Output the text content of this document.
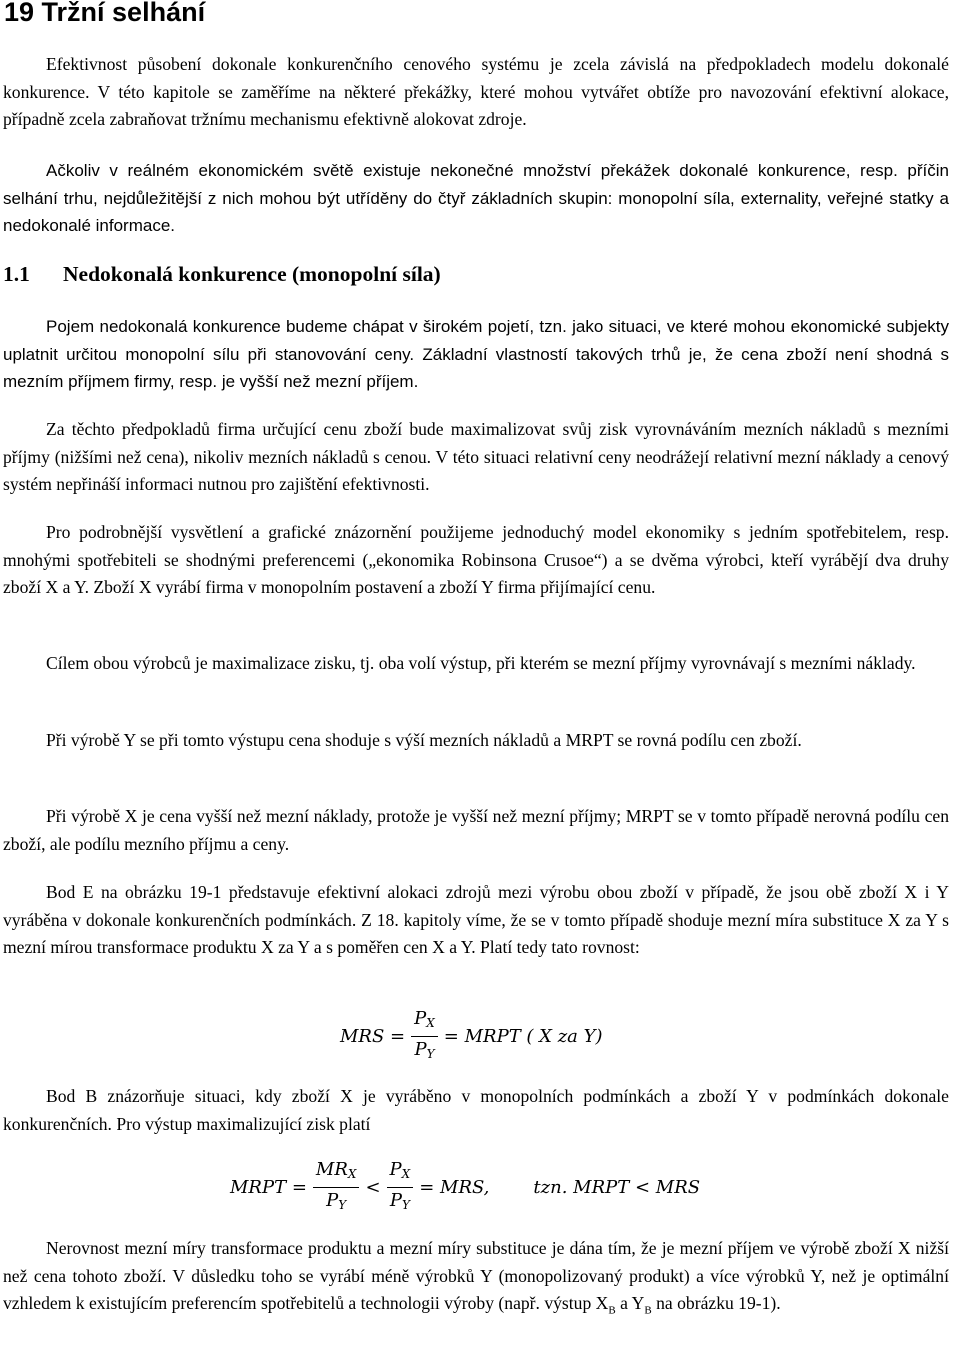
19 Tržní selhání

Efektivnost působení dokonale konkurenčního cenového systému je zcela závislá na předpokladech modelu dokonalé konkurence. V této kapitole se zaměříme na některé překážky, které mohou vytvářet obtíže pro navozování efektivní alokace, případně zcela zabraňovat tržnímu mechanismu efektivně alokovat zdroje.

Ačkoliv v reálném ekonomickém světě existuje nekonečné množství překážek dokonalé konkurence, resp. příčin selhání trhu, nejdůležitější z nich mohou být utříděny do čtyř základních skupin: monopolní síla, externality, veřejné statky a nedokonalé informace.

1.1 Nedokonalá konkurence (monopolní síla)

Pojem nedokonalá konkurence budeme chápat v širokém pojetí, tzn. jako situaci, ve které mohou ekonomické subjekty uplatnit určitou monopolní sílu při stanovování ceny. Základní vlastností takových trhů je, že cena zboží není shodná s mezním příjmem firmy, resp. je vyšší než mezní příjem.

Za těchto předpokladů firma určující cenu zboží bude maximalizovat svůj zisk vyrovnáváním mezních nákladů s mezními příjmy (nižšími než cena), nikoliv mezních nákladů s cenou. V této situaci relativní ceny neodrážejí relativní mezní náklady a cenový systém nepřináší informaci nutnou pro zajištění efektivnosti.

Pro podrobnější vysvětlení a grafické znázornění použijeme jednoduchý model ekonomiky s jedním spotřebitelem, resp. mnohými spotřebiteli se shodnými preferencemi („ekonomika Robinsona Crusoe“) a se dvěma výrobci, kteří vyrábějí dva druhy zboží X a Y. Zboží X vyrábí firma v monopolním postavení a zboží Y firma přijímající cenu.

Cílem obou výrobců je maximalizace zisku, tj. oba volí výstup, při kterém se mezní příjmy vyrovnávají s mezními náklady.

Při výrobě Y se při tomto výstupu cena shoduje s výší mezních nákladů a MRPT se rovná podílu cen zboží.

Při výrobě X je cena vyšší než mezní náklady, protože je vyšší než mezní příjmy; MRPT se v tomto případě nerovná podílu cen zboží, ale podílu mezního příjmu a ceny.

Bod E na obrázku 19-1 představuje efektivní alokaci zdrojů mezi výrobu obou zboží v případě, že jsou obě zboží X i Y vyráběna v dokonale konkurenčních podmínkách. Z 18. kapitoly víme, že se v tomto případě shoduje mezní míra substituce X za Y s mezní mírou transformace produktu X za Y a s poměřen cen X a Y. Platí tedy tato rovnost:

MRS = $\frac{P_X}{P_Y}$ = MRPT ( X za Y)

Bod B znázorňuje situaci, kdy zboží X je vyráběno v monopolních podmínkách a zboží Y v podmínkách dokonale konkurenčních. Pro výstup maximalizující zisk platí

MRPT = $\frac{MR_X}{P_Y} < \frac{P_X}{P_Y}$ = MRS, tzn. MRPT < MRS

Nerovnost mezní míry transformace produktu a mezní míry substituce je dána tím, že je mezní příjem ve výrobě zboží X nižší než cena tohoto zboží. V důsledku toho se vyrábí méně výrobků Y (monopolizovaný produkt) a více výrobků Y, než je optimální vzhledem k existujícím preferencím spotřebitelů a technologii výroby (např. výstup $X_B$ a $Y_B$ na obrázku 19-1).
